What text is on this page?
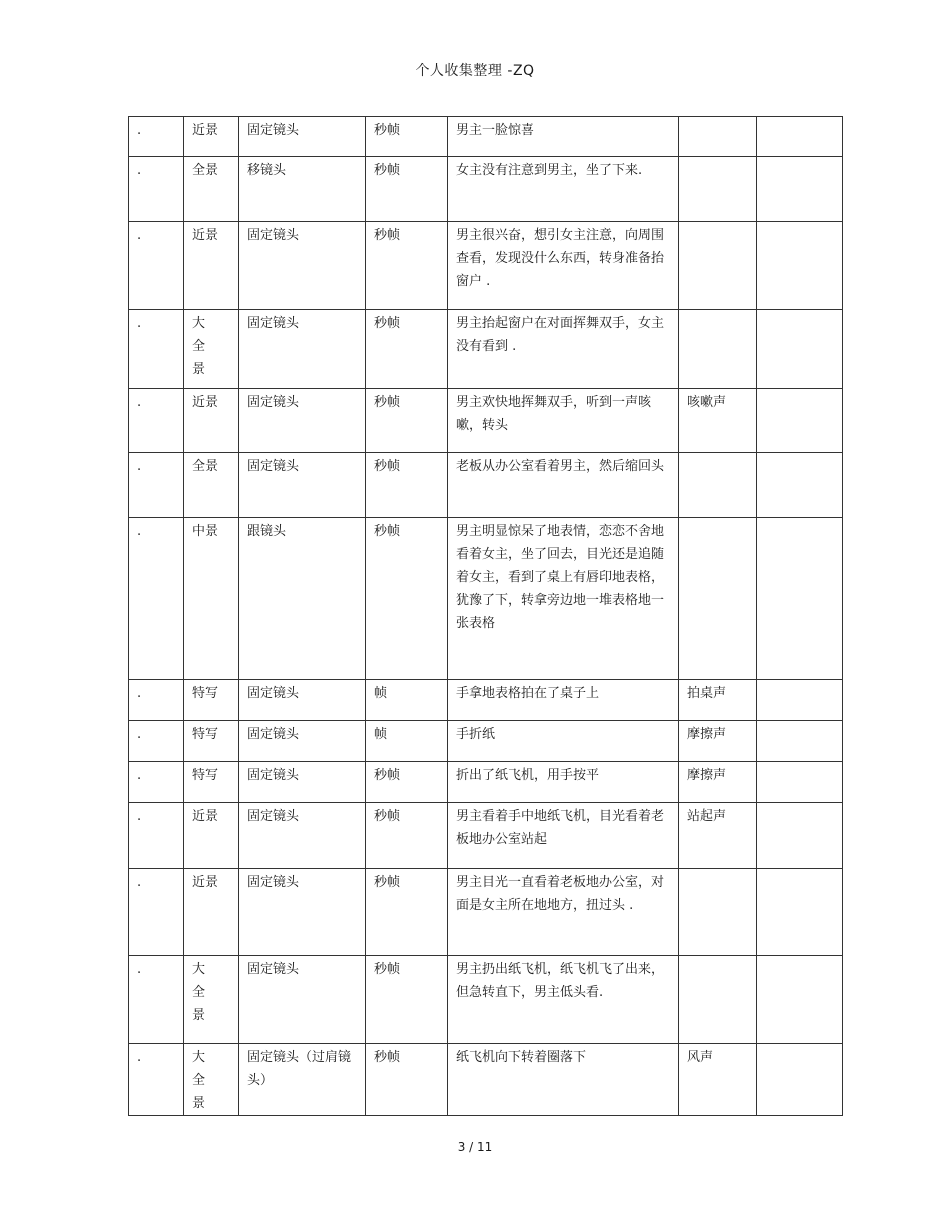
个人收集整理 -ZQ
.	近景	固定镜头	秒帧	男主一脸惊喜		
.	全景	移镜头	秒帧	女主没有注意到男主，坐了下来.		
.	近景	固定镜头	秒帧	男主很兴奋，想引女主注意，向周围查看，发现没什么东西，转身准备抬窗户 .		
.	大全景	固定镜头	秒帧	男主抬起窗户在对面挥舞双手，女主没有看到 .		
.	近景	固定镜头	秒帧	男主欢快地挥舞双手，听到一声咳嗽，转头	咳嗽声	
.	全景	固定镜头	秒帧	老板从办公室看着男主，然后缩回头		
.	中景	跟镜头	秒帧	男主明显惊呆了地表情，恋恋不舍地看着女主，坐了回去，目光还是追随着女主，看到了桌上有唇印地表格，犹豫了下，转拿旁边地一堆表格地一张表格		
.	特写	固定镜头	帧	手拿地表格拍在了桌子上	拍桌声	
.	特写	固定镜头	帧	手折纸	摩擦声	
.	特写	固定镜头	秒帧	折出了纸飞机，用手按平	摩擦声	
.	近景	固定镜头	秒帧	男主看着手中地纸飞机，目光看着老板地办公室站起	站起声	
.	近景	固定镜头	秒帧	男主目光一直看着老板地办公室，对面是女主所在地地方，扭过头 .		
.	大全景	固定镜头	秒帧	男主扔出纸飞机，纸飞机飞了出来，但急转直下，男主低头看.		
.	大全景	固定镜头（过肩镜头）	秒帧	纸飞机向下转着圈落下	风声	
3 / 11
